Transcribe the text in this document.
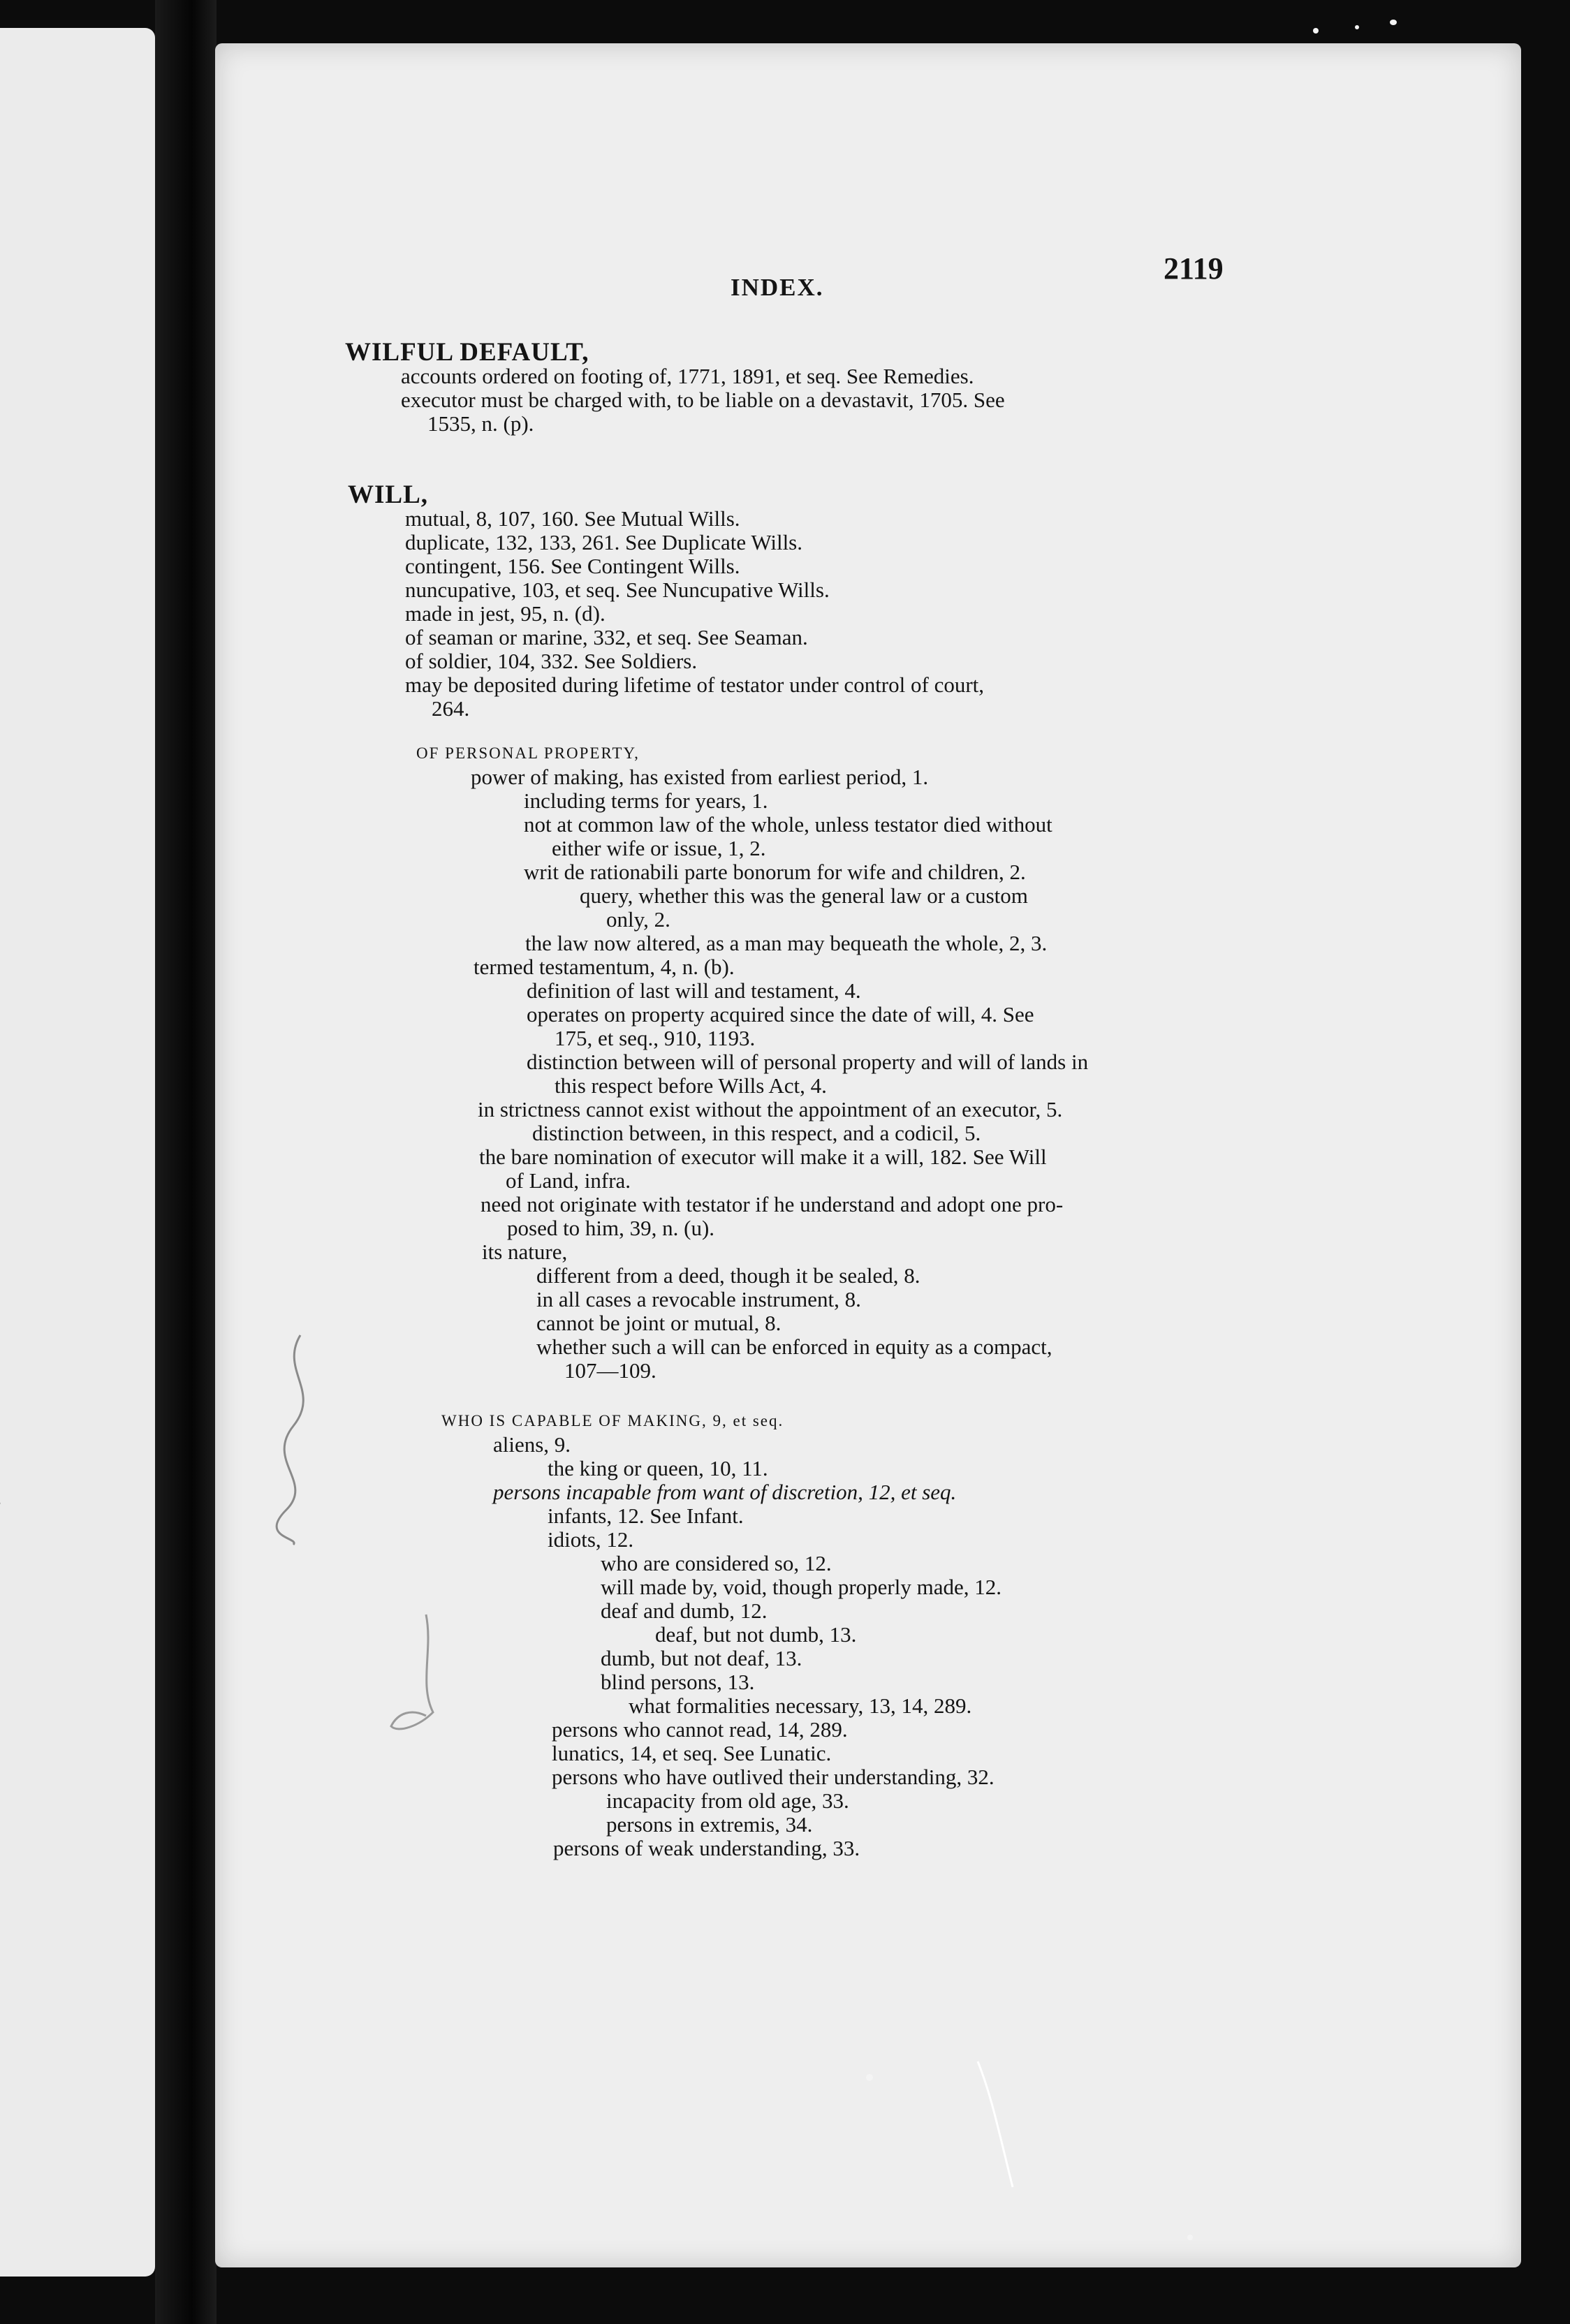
INDEX.
2119
WILFUL DEFAULT,
accounts ordered on footing of, 1771, 1891, et seq. See Remedies.
executor must be charged with, to be liable on a devastavit, 1705. See
1535, n. (p).
WILL,
mutual, 8, 107, 160. See Mutual Wills.
duplicate, 132, 133, 261. See Duplicate Wills.
contingent, 156. See Contingent Wills.
nuncupative, 103, et seq. See Nuncupative Wills.
made in jest, 95, n. (d).
of seaman or marine, 332, et seq. See Seaman.
of soldier, 104, 332. See Soldiers.
may be deposited during lifetime of testator under control of court,
264.
OF PERSONAL PROPERTY,
power of making, has existed from earliest period, 1.
including terms for years, 1.
not at common law of the whole, unless testator died without
either wife or issue, 1, 2.
writ de rationabili parte bonorum for wife and children, 2.
query, whether this was the general law or a custom
only, 2.
the law now altered, as a man may bequeath the whole, 2, 3.
termed testamentum, 4, n. (b).
definition of last will and testament, 4.
operates on property acquired since the date of will, 4. See
175, et seq., 910, 1193.
distinction between will of personal property and will of lands in
this respect before Wills Act, 4.
in strictness cannot exist without the appointment of an executor, 5.
distinction between, in this respect, and a codicil, 5.
the bare nomination of executor will make it a will, 182. See Will
of Land, infra.
need not originate with testator if he understand and adopt one pro-
posed to him, 39, n. (u).
its nature,
different from a deed, though it be sealed, 8.
in all cases a revocable instrument, 8.
cannot be joint or mutual, 8.
whether such a will can be enforced in equity as a compact,
107—109.
WHO IS CAPABLE OF MAKING, 9, et seq.
aliens, 9.
the king or queen, 10, 11.
persons incapable from want of discretion, 12, et seq.
infants, 12. See Infant.
idiots, 12.
who are considered so, 12.
will made by, void, though properly made, 12.
deaf and dumb, 12.
deaf, but not dumb, 13.
dumb, but not deaf, 13.
blind persons, 13.
what formalities necessary, 13, 14, 289.
persons who cannot read, 14, 289.
lunatics, 14, et seq. See Lunatic.
persons who have outlived their understanding, 32.
incapacity from old age, 33.
persons in extremis, 34.
persons of weak understanding, 33.
